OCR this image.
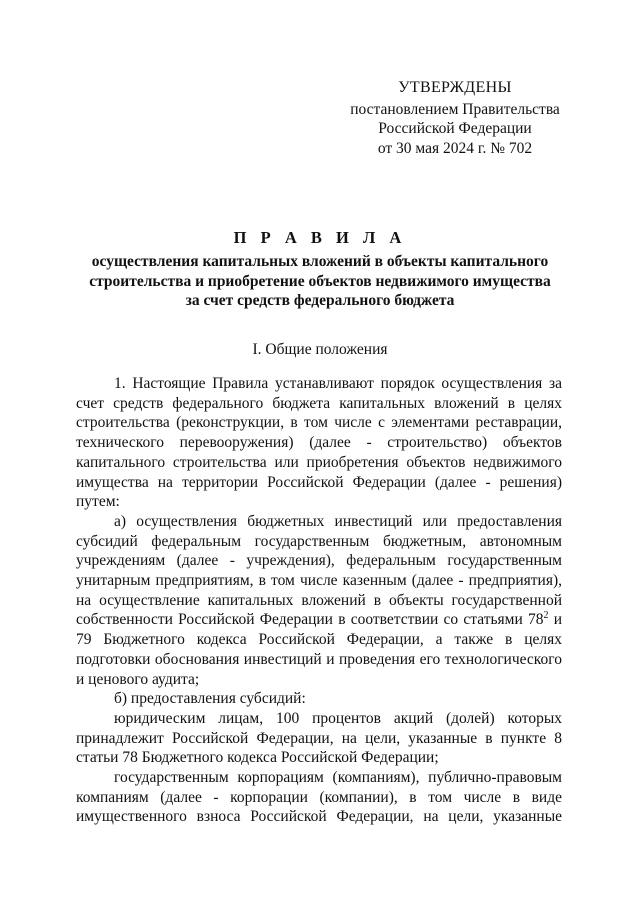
УТВЕРЖДЕНЫ
постановлением Правительства
Российской Федерации
от 30 мая 2024 г. № 702
П Р А В И Л А
осуществления капитальных вложений в объекты капитального
строительства и приобретение объектов недвижимого имущества
за счет средств федерального бюджета
I. Общие положения

1. Настоящие Правила устанавливают порядок осуществления за счет средств федерального бюджета капитальных вложений в целях строительства (реконструкции, в том числе с элементами реставрации, технического перевооружения) (далее - строительство) объектов капитального строительства или приобретения объектов недвижимого имущества на территории Российской Федерации (далее - решения) путем:

а) осуществления бюджетных инвестиций или предоставления субсидий федеральным государственным бюджетным, автономным учреждениям (далее - учреждения), федеральным государственным унитарным предприятиям, в том числе казенным (далее - предприятия), на осуществление капитальных вложений в объекты государственной собственности Российской Федерации в соответствии со статьями $78^2$ и 79 Бюджетного кодекса Российской Федерации, а также в целях подготовки обоснования инвестиций и проведения его технологического и ценового аудита;

б) предоставления субсидий:

юридическим лицам, 100 процентов акций (долей) которых принадлежит Российской Федерации, на цели, указанные в пункте 8 статьи 78 Бюджетного кодекса Российской Федерации;

государственным корпорациям (компаниям), публично-правовым компаниям (далее - корпорации (компании), в том числе в виде имущественного взноса Российской Федерации, на цели, указанные
